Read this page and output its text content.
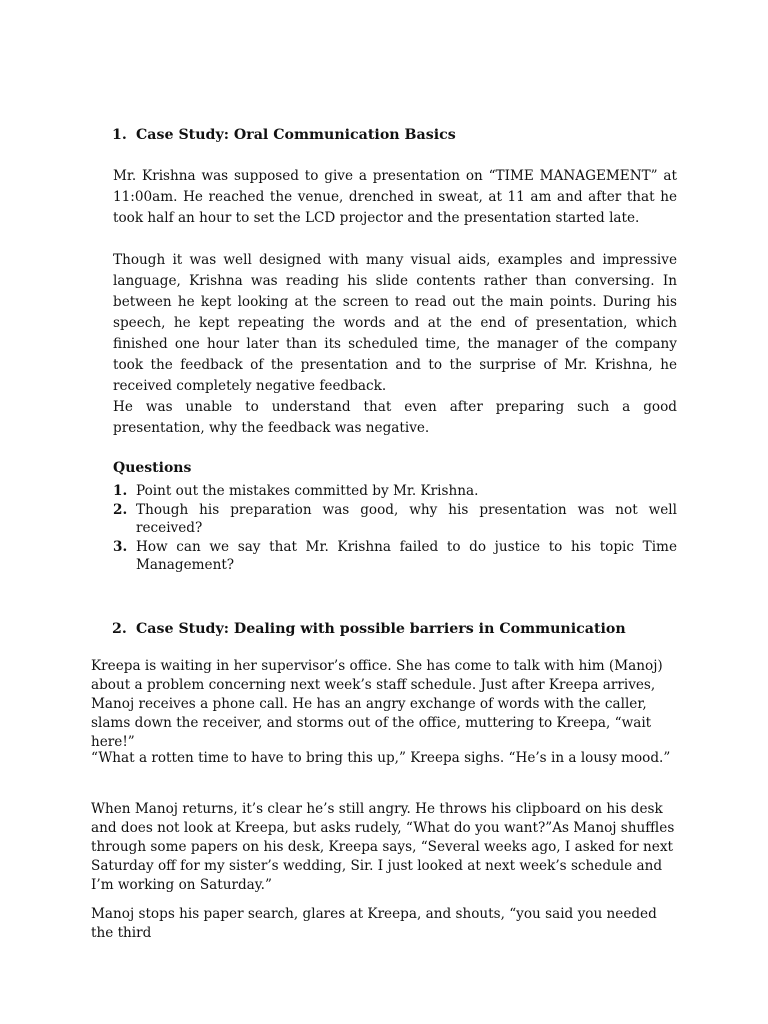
1. Case Study: Oral Communication Basics

Mr. Krishna was supposed to give a presentation on “TIME MANAGEMENT” at 11:00am. He reached the venue, drenched in sweat, at 11 am and after that he took half an hour to set the LCD projector and the presentation started late.

Though it was well designed with many visual aids, examples and impressive language, Krishna was reading his slide contents rather than conversing. In between he kept looking at the screen to read out the main points. During his speech, he kept repeating the words and at the end of presentation, which finished one hour later than its scheduled time, the manager of the company took the feedback of the presentation and to the surprise of Mr. Krishna, he received completely negative feedback.

He was unable to understand that even after preparing such a good presentation, why the feedback was negative.

Questions
1. Point out the mistakes committed by Mr. Krishna.
2. Though his preparation was good, why his presentation was not well received?
3. How can we say that Mr. Krishna failed to do justice to his topic Time Management?
2. Case Study: Dealing with possible barriers in Communication

Kreepa is waiting in her supervisor’s office. She has come to talk with him (Manoj) about a problem concerning next week’s staff schedule. Just after Kreepa arrives, Manoj receives a phone call. He has an angry exchange of words with the caller, slams down the receiver, and storms out of the office, muttering to Kreepa, “wait here!”

“What a rotten time to have to bring this up,” Kreepa sighs. “He’s in a lousy mood.”

When Manoj returns, it’s clear he’s still angry. He throws his clipboard on his desk and does not look at Kreepa, but asks rudely, “What do you want?”As Manoj shuffles through some papers on his desk, Kreepa says, “Several weeks ago, I asked for next Saturday off for my sister’s wedding, Sir. I just looked at next week’s schedule and I’m working on Saturday.”

Manoj stops his paper search, glares at Kreepa, and shouts, “you said you needed the third
